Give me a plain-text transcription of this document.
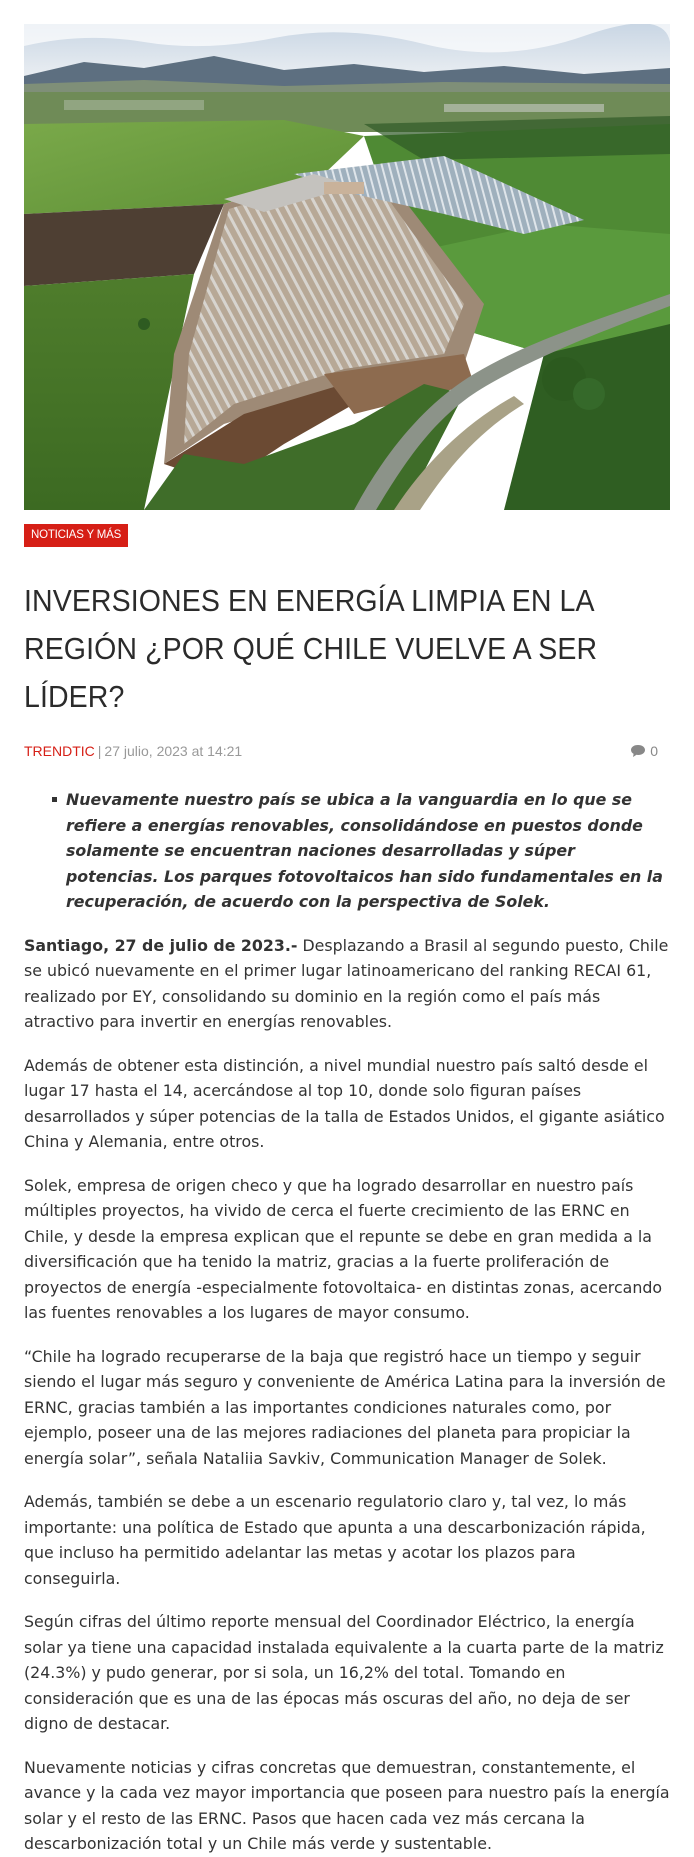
NOTICIAS Y MÁS
INVERSIONES EN ENERGÍA LIMPIA EN LA REGIÓN ¿POR QUÉ CHILE VUELVE A SER LÍDER?
TRENDTIC | 27 julio, 2023 at 14:21	0
Nuevamente nuestro país se ubica a la vanguardia en lo que se refiere a energías renovables, consolidándose en puestos donde solamente se encuentran naciones desarrolladas y súper potencias. Los parques fotovoltaicos han sido fundamentales en la recuperación, de acuerdo con la perspectiva de Solek.

Santiago, 27 de julio de 2023.- Desplazando a Brasil al segundo puesto, Chile se ubicó nuevamente en el primer lugar latinoamericano del ranking RECAI 61, realizado por EY, consolidando su dominio en la región como el país más atractivo para invertir en energías renovables.

Además de obtener esta distinción, a nivel mundial nuestro país saltó desde el lugar 17 hasta el 14, acercándose al top 10, donde solo figuran países desarrollados y súper potencias de la talla de Estados Unidos, el gigante asiático China y Alemania, entre otros.

Solek, empresa de origen checo y que ha logrado desarrollar en nuestro país múltiples proyectos, ha vivido de cerca el fuerte crecimiento de las ERNC en Chile, y desde la empresa explican que el repunte se debe en gran medida a la diversificación que ha tenido la matriz, gracias a la fuerte proliferación de proyectos de energía -especialmente fotovoltaica- en distintas zonas, acercando las fuentes renovables a los lugares de mayor consumo.

“Chile ha logrado recuperarse de la baja que registró hace un tiempo y seguir siendo el lugar más seguro y conveniente de América Latina para la inversión de ERNC, gracias también a las importantes condiciones naturales como, por ejemplo, poseer una de las mejores radiaciones del planeta para propiciar la energía solar”, señala Nataliia Savkiv, Communication Manager de Solek.

Además, también se debe a un escenario regulatorio claro y, tal vez, lo más importante: una política de Estado que apunta a una descarbonización rápida, que incluso ha permitido adelantar las metas y acotar los plazos para conseguirla.

Según cifras del último reporte mensual del Coordinador Eléctrico, la energía solar ya tiene una capacidad instalada equivalente a la cuarta parte de la matriz (24.3%) y pudo generar, por si sola, un 16,2% del total. Tomando en consideración que es una de las épocas más oscuras del año, no deja de ser digno de destacar.

Nuevamente noticias y cifras concretas que demuestran, constantemente, el avance y la cada vez mayor importancia que poseen para nuestro país la energía solar y el resto de las ERNC. Pasos que hacen cada vez más cercana la descarbonización total y un Chile más verde y sustentable.
